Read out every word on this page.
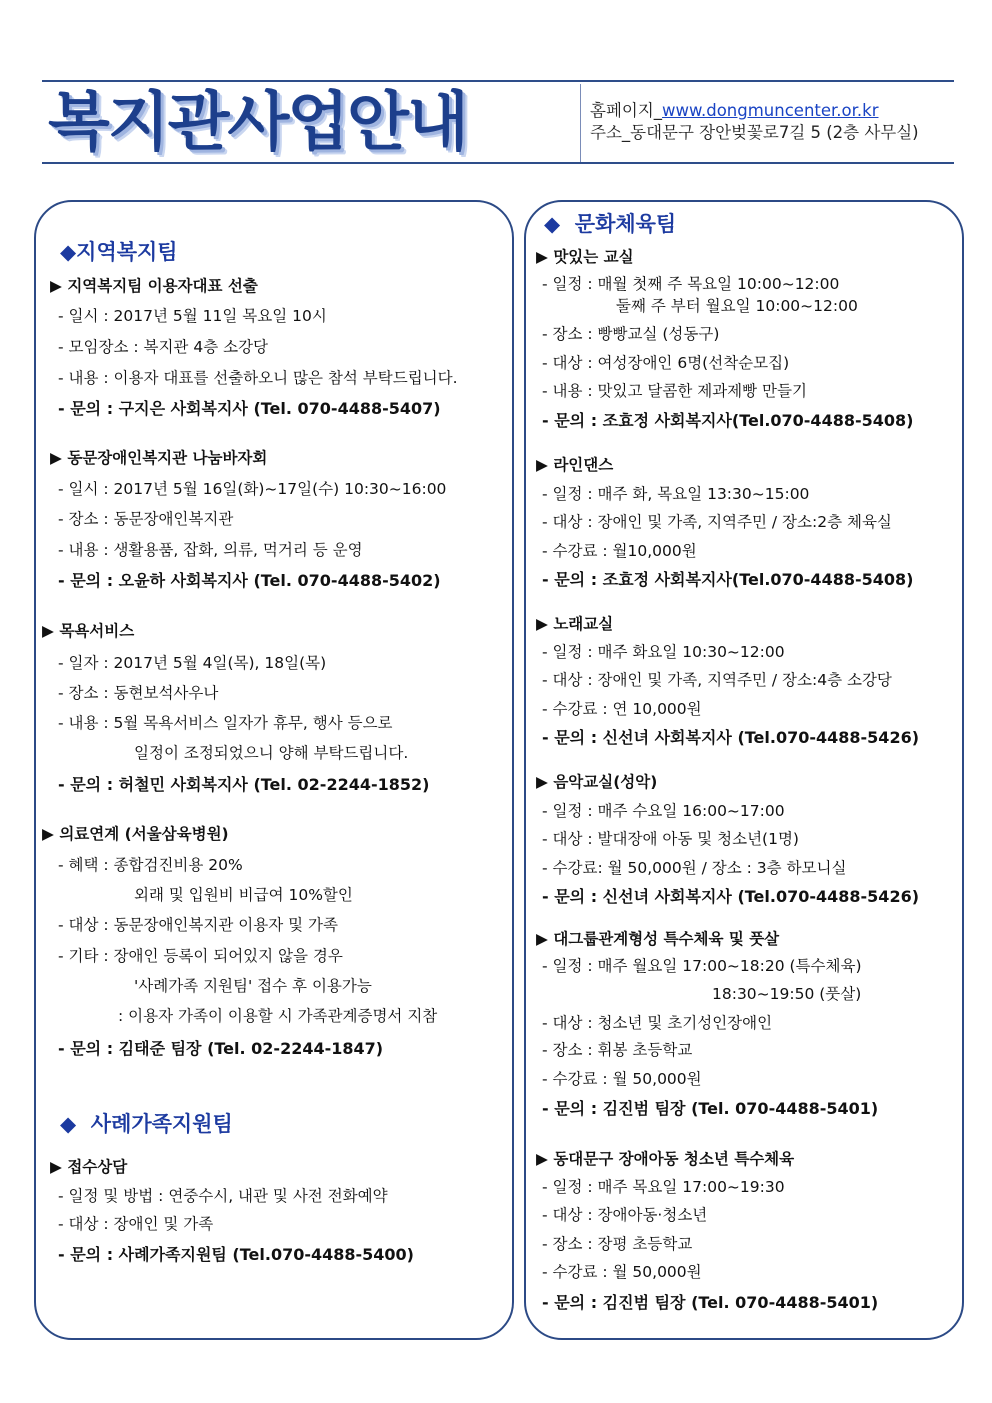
복지관사업안내	홈페이지_www.dongmuncenter.or.kr
주소_동대문구 장안벚꽃로7길 5 (2층 사무실)
◆지역복지팀
▶ 지역복지팀 이용자대표 선출
- 일시 : 2017년 5월 11일 목요일 10시
- 모임장소 : 복지관 4층 소강당
- 내용 : 이용자 대표를 선출하오니 많은 참석 부탁드립니다.
- 문의 : 구지은 사회복지사 (Tel. 070-4488-5407)
▶ 동문장애인복지관 나눔바자회
- 일시 : 2017년 5월 16일(화)~17일(수) 10:30~16:00
- 장소 : 동문장애인복지관
- 내용 : 생활용품, 잡화, 의류, 먹거리 등 운영
- 문의 : 오윤하 사회복지사 (Tel. 070-4488-5402)
▶ 목욕서비스
- 일자 : 2017년 5월 4일(목), 18일(목)
- 장소 : 동현보석사우나
- 내용 : 5월 목욕서비스 일자가 휴무, 행사 등으로
일정이 조정되었으니 양해 부탁드립니다.
- 문의 : 허철민 사회복지사 (Tel. 02-2244-1852)
▶ 의료연계 (서울삼육병원)
- 혜택 : 종합검진비용 20%
외래 및 입원비 비급여 10%할인
- 대상 : 동문장애인복지관 이용자 및 가족
- 기타 : 장애인 등록이 되어있지 않을 경우
'사례가족 지원팀' 접수 후 이용가능
: 이용자 가족이 이용할 시 가족관계증명서 지참
- 문의 : 김태준 팀장 (Tel. 02-2244-1847)
◆ 사례가족지원팀
▶ 접수상담
- 일정 및 방법 : 연중수시, 내관 및 사전 전화예약
- 대상 : 장애인 및 가족
- 문의 : 사례가족지원팀 (Tel.070-4488-5400)
◆ 문화체육팀
▶ 맛있는 교실
- 일정 : 매월 첫째 주 목요일 10:00~12:00
둘째 주 부터 월요일 10:00~12:00
- 장소 : 빵빵교실 (성동구)
- 대상 : 여성장애인 6명(선착순모집)
- 내용 : 맛있고 달콤한 제과제빵 만들기
- 문의 : 조효정 사회복지사(Tel.070-4488-5408)
▶ 라인댄스
- 일정 : 매주 화, 목요일 13:30~15:00
- 대상 : 장애인 및 가족, 지역주민 / 장소:2층 체육실
- 수강료 : 월10,000원
- 문의 : 조효정 사회복지사(Tel.070-4488-5408)
▶ 노래교실
- 일정 : 매주 화요일 10:30~12:00
- 대상 : 장애인 및 가족, 지역주민 / 장소:4층 소강당
- 수강료 : 연 10,000원
- 문의 : 신선녀 사회복지사 (Tel.070-4488-5426)
▶ 음악교실(성악)
- 일정 : 매주 수요일 16:00~17:00
- 대상 : 발대장애 아동 및 청소년(1명)
- 수강료: 월 50,000원 / 장소 : 3층 하모니실
- 문의 : 신선녀 사회복지사 (Tel.070-4488-5426)
▶ 대그룹관계형성 특수체육 및 풋살
- 일정 : 매주 월요일 17:00~18:20 (특수체육)
18:30~19:50 (풋살)
- 대상 : 청소년 및 초기성인장애인
- 장소 : 휘봉 초등학교
- 수강료 : 월 50,000원
- 문의 : 김진범 팀장 (Tel. 070-4488-5401)
▶ 동대문구 장애아동 청소년 특수체육
- 일정 : 매주 목요일 17:00~19:30
- 대상 : 장애아동·청소년
- 장소 : 장평 초등학교
- 수강료 : 월 50,000원
- 문의 : 김진범 팀장 (Tel. 070-4488-5401)
